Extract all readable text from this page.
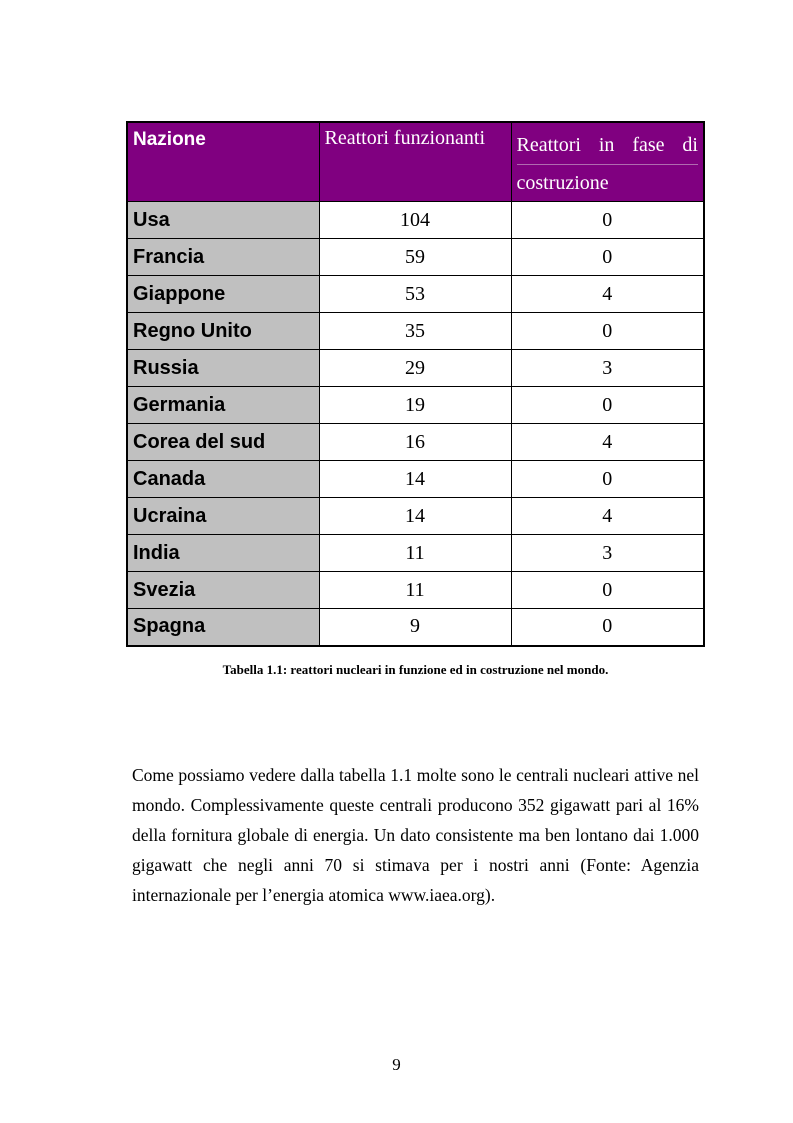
Nazione	Reattori funzionanti	Reattori in fase di
costruzione

Usa	104	0
Francia	59	0
Giappone	53	4
Regno Unito	35	0
Russia	29	3
Germania	19	0
Corea del sud	16	4
Canada	14	0
Ucraina	14	4
India	11	3
Svezia	11	0
Spagna	9	0
Tabella 1.1: reattori nucleari in funzione ed in costruzione nel mondo.
Come possiamo vedere dalla tabella 1.1 molte sono le centrali nucleari attive nel mondo. Complessivamente queste centrali producono 352 gigawatt pari al 16% della fornitura globale di energia. Un dato consistente ma ben lontano dai 1.000 gigawatt che negli anni 70 si stimava per i nostri anni (Fonte: Agenzia internazionale per l’energia atomica www.iaea.org).
9
